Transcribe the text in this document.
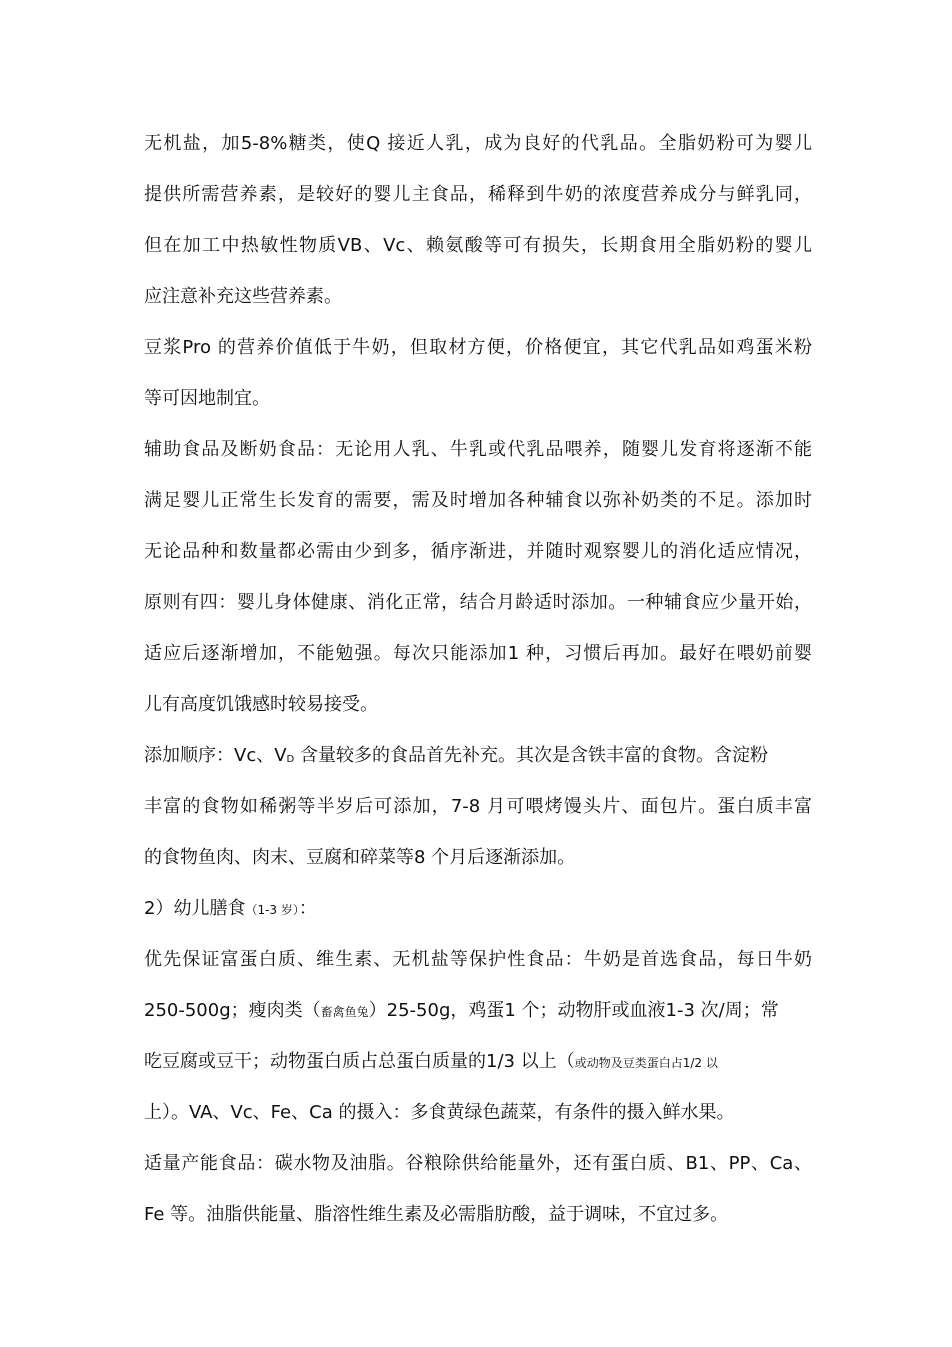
无机盐，加5-8%糖类，使Q 接近人乳，成为良好的代乳品。全脂奶粉可为婴儿
提供所需营养素，是较好的婴儿主食品，稀释到牛奶的浓度营养成分与鲜乳同，
但在加工中热敏性物质VB、Vc、赖氨酸等可有损失，长期食用全脂奶粉的婴儿
应注意补充这些营养素。
豆浆Pro 的营养价值低于牛奶，但取材方便，价格便宜，其它代乳品如鸡蛋米粉
等可因地制宜。
辅助食品及断奶食品：无论用人乳、牛乳或代乳品喂养，随婴儿发育将逐渐不能
满足婴儿正常生长发育的需要，需及时增加各种辅食以弥补奶类的不足。添加时
无论品种和数量都必需由少到多，循序渐进，并随时观察婴儿的消化适应情况，
原则有四：婴儿身体健康、消化正常，结合月龄适时添加。一种辅食应少量开始，
适应后逐渐增加，不能勉强。每次只能添加1 种，习惯后再加。最好在喂奶前婴
儿有高度饥饿感时较易接受。
添加顺序：Vc、VD 含量较多的食品首先补充。其次是含铁丰富的食物。含淀粉
丰富的食物如稀粥等半岁后可添加，7-8 月可喂烤馒头片、面包片。蛋白质丰富
的食物鱼肉、肉末、豆腐和碎菜等8 个月后逐渐添加。
2）幼儿膳食（1-3 岁）：
优先保证富蛋白质、维生素、无机盐等保护性食品：牛奶是首选食品，每日牛奶
250-500g；瘦肉类（畜禽鱼兔）25-50g，鸡蛋1 个；动物肝或血液1-3 次/周；常
吃豆腐或豆干；动物蛋白质占总蛋白质量的1/3 以上（或动物及豆类蛋白占1/2 以
上）。VA、Vc、Fe、Ca 的摄入：多食黄绿色蔬菜，有条件的摄入鲜水果。
适量产能食品：碳水物及油脂。谷粮除供给能量外，还有蛋白质、B1、PP、Ca、
Fe 等。油脂供能量、脂溶性维生素及必需脂肪酸，益于调味，不宜过多。
